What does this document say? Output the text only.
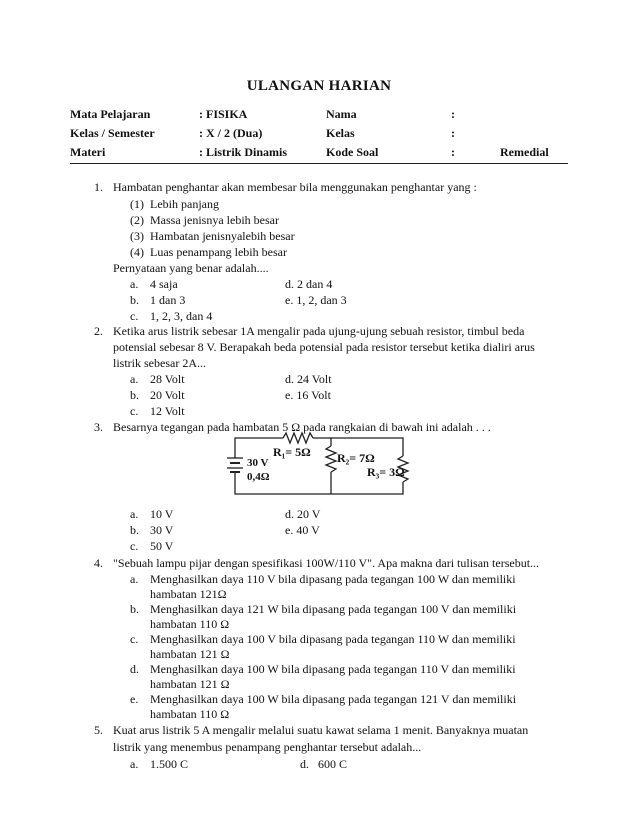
ULANGAN HARIAN
Mata Pelajaran	: FISIKA	Nama	:
Kelas / Semester	: X / 2 (Dua)	Kelas	:
Materi	: Listrik Dinamis	Kode Soal	:	Remedial
1. Hambatan penghantar akan membesar bila menggunakan penghantar yang :
(1) Lebih panjang
(2) Massa jenisnya lebih besar
(3) Hambatan jenisnyalebih besar
(4) Luas penampang lebih besar
Pernyataan yang benar adalah....
a. 4 saja	d. 2 dan 4
b. 1 dan 3	e. 1, 2, dan 3
c. 1, 2, 3, dan 4
2. Ketika arus listrik sebesar 1A mengalir pada ujung-ujung sebuah resistor, timbul beda
potensial sebesar 8 V. Berapakah beda potensial pada resistor tersebut ketika dialiri arus
listrik sebesar 2A...
a. 28 Volt	d. 24 Volt
b. 20 Volt	e. 16 Volt
c. 12 Volt
3. Besarnya tegangan pada hambatan 5 Ω pada rangkaian di bawah ini adalah . . .
R₁= 5Ω R₂= 7Ω
R₃= 3Ω
30 V
0,4Ω
a. 10 V	d. 20 V
b. 30 V	e. 40 V
c. 50 V
4. "Sebuah lampu pijar dengan spesifikasi 100W/110 V". Apa makna dari tulisan tersebut...
a. Menghasilkan daya 110 V bila dipasang pada tegangan 100 W dan memiliki
hambatan 121Ω
b. Menghasilkan daya 121 W bila dipasang pada tegangan 100 V dan memiliki
hambatan 110 Ω
c. Menghasilkan daya 100 V bila dipasang pada tegangan 110 W dan memiliki
hambatan 121 Ω
d. Menghasilkan daya 100 W bila dipasang pada tegangan 110 V dan memiliki
hambatan 121 Ω
e. Menghasilkan daya 100 W bila dipasang pada tegangan 121 V dan memiliki
hambatan 110 Ω
5. Kuat arus listrik 5 A mengalir melalui suatu kawat selama 1 menit. Banyaknya muatan
listrik yang menembus penampang penghantar tersebut adalah...
a. 1.500 C	d. 600 C
